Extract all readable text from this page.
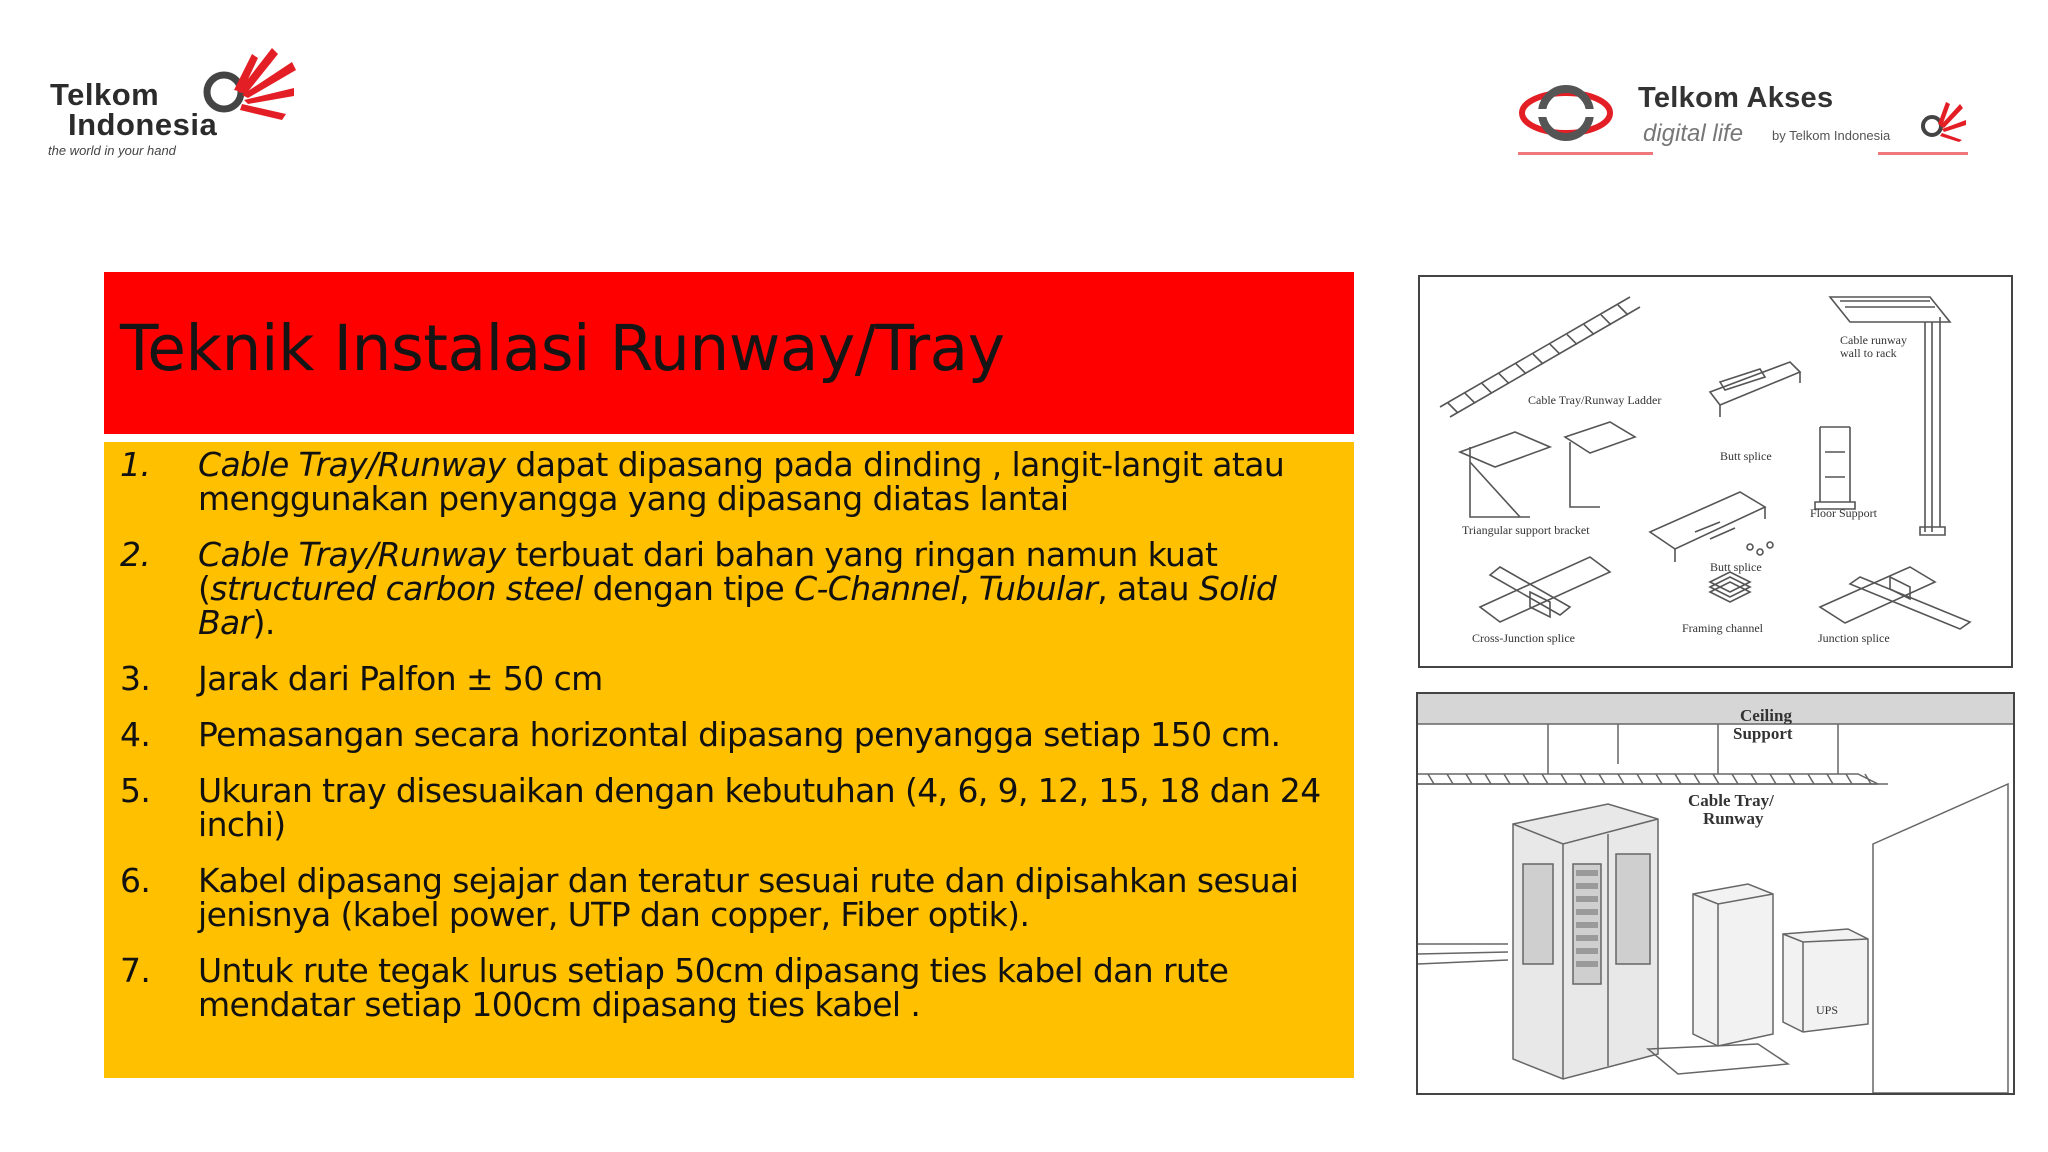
Telkom
Indonesia
the world in your hand
Telkom Akses
digital life by Telkom Indonesia
Teknik Instalasi Runway/Tray
1.	Cable Tray/Runway dapat dipasang pada dinding , langit-langit atau menggunakan penyangga yang dipasang diatas lantai
2.	Cable Tray/Runway terbuat dari bahan yang ringan namun kuat (structured carbon steel dengan tipe C-Channel, Tubular, atau Solid Bar).
3.	Jarak dari Palfon ± 50 cm
4.	Pemasangan secara horizontal dipasang penyangga setiap 150 cm.
5.	Ukuran tray disesuaikan dengan kebutuhan (4, 6, 9, 12, 15, 18 dan 24 inchi)
6.	Kabel dipasang sejajar dan teratur sesuai rute dan dipisahkan sesuai jenisnya (kabel power, UTP dan copper, Fiber optik).
7.	Untuk rute tegak lurus setiap 50cm dipasang ties kabel dan rute mendatar setiap 100cm dipasang ties kabel .
Cable Tray/Runway Ladder
Cable runway
wall to rack
Butt splice
Triangular support bracket
Floor Support
Butt splice
Cross-Junction splice
Framing channel
Junction splice
Ceiling
Support
Cable Tray/
Runway
UPS
